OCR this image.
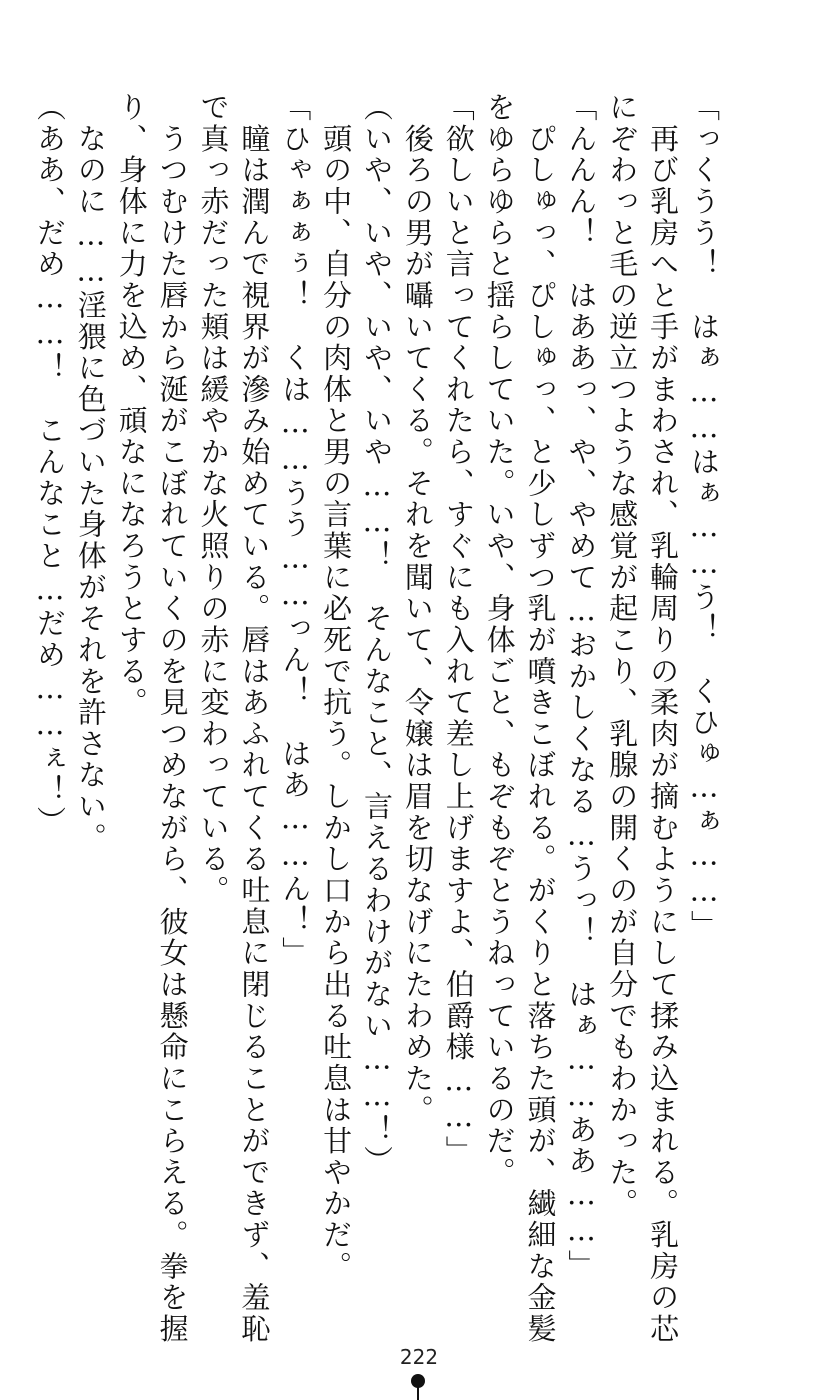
「っくうう！　はぁ……はぁ……う！　くひゅ…ぁ……」
　再び乳房へと手がまわされ、乳輪周りの柔肉が摘むようにして揉み込まれる。乳房の芯
にぞわっと毛の逆立つような感覚が起こり、乳腺の開くのが自分でもわかった。
「んんん！　はああっ、や、やめて…おかしくなる…うっ！　はぁ……ああ……」
　ぴしゅっ、ぴしゅっ、と少しずつ乳が噴きこぼれる。がくりと落ちた頭が、繊細な金髪
をゆらゆらと揺らしていた。いや、身体ごと、もぞもぞとうねっているのだ。
「欲しいと言ってくれたら、すぐにも入れて差し上げますよ、伯爵様……」
　後ろの男が囁いてくる。それを聞いて、令嬢は眉を切なげにたわめた。
（いや、いや、いや、いや……！　そんなこと、言えるわけがない……！）
　頭の中、自分の肉体と男の言葉に必死で抗う。しかし口から出る吐息は甘やかだ。
「ひゃぁぁぅ！　くは……うう……っん！　はあ……ん！」
　瞳は潤んで視界が滲み始めている。唇はあふれてくる吐息に閉じることができず、羞恥
で真っ赤だった頬は緩やかな火照りの赤に変わっている。
　うつむけた唇から涎がこぼれていくのを見つめながら、彼女は懸命にこらえる。拳を握
り、身体に力を込め、頑なになろうとする。
　なのに……淫猥に色づいた身体がそれを許さない。
（ああ、だめ……！　こんなこと…だめ……ぇ！）
222
